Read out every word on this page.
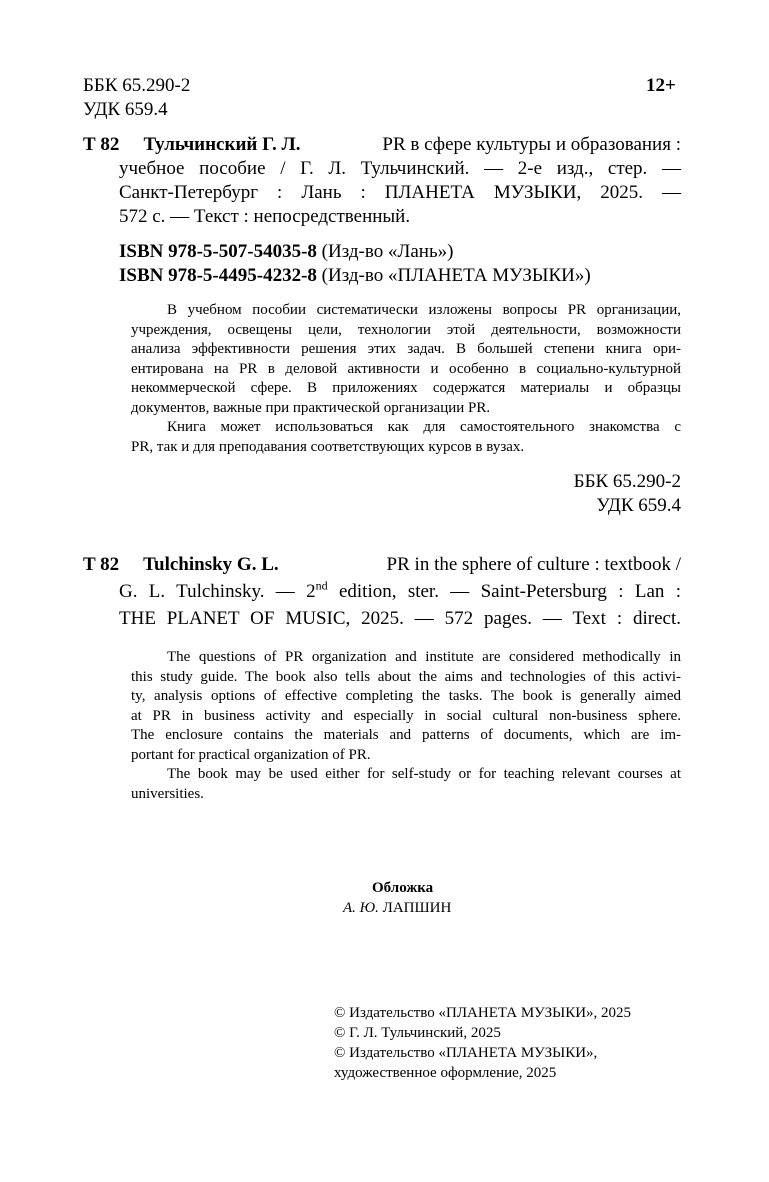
ББК 65.290-2
УДК 659.4
12+
Т 82 Тульчинский Г. Л.	PR в сфере культуры и образования :
учебное пособие / Г. Л. Тульчинский. — 2-е изд., стер. —
Санкт-Петербург : Лань : ПЛАНЕТА МУЗЫКИ, 2025. —
572 с. — Текст : непосредственный.
ISBN 978-5-507-54035-8 (Изд-во «Лань»)
ISBN 978-5-4495-4232-8 (Изд-во «ПЛАНЕТА МУЗЫКИ»)
В учебном пособии систематически изложены вопросы PR организации,
учреждения, освещены цели, технологии этой деятельности, возможности
анализа эффективности решения этих задач. В большей степени книга ори-
ентирована на PR в деловой активности и особенно в социально-культурной
некоммерческой сфере. В приложениях содержатся материалы и образцы
документов, важные при практической организации PR.
Книга может использоваться как для самостоятельного знакомства с
PR, так и для преподавания соответствующих курсов в вузах.
ББК 65.290-2
УДК 659.4
T 82 Tulchinsky G. L.	PR in the sphere of culture : textbook /
G. L. Tulchinsky. — 2nd edition, ster. — Saint-Petersburg : Lan :
THE PLANET OF MUSIC, 2025. — 572 pages. — Text : direct.
The questions of PR organization and institute are considered methodically in
this study guide. The book also tells about the aims and technologies of this activi-
ty, analysis options of effective completing the tasks. The book is generally aimed
at PR in business activity and especially in social cultural non-business sphere.
The enclosure contains the materials and patterns of documents, which are im-
portant for practical organization of PR.
The book may be used either for self-study or for teaching relevant courses at
universities.
Обложка
А. Ю. ЛАПШИН
© Издательство «ПЛАНЕТА МУЗЫКИ», 2025
© Г. Л. Тульчинский, 2025
© Издательство «ПЛАНЕТА МУЗЫКИ»,
художественное оформление, 2025
